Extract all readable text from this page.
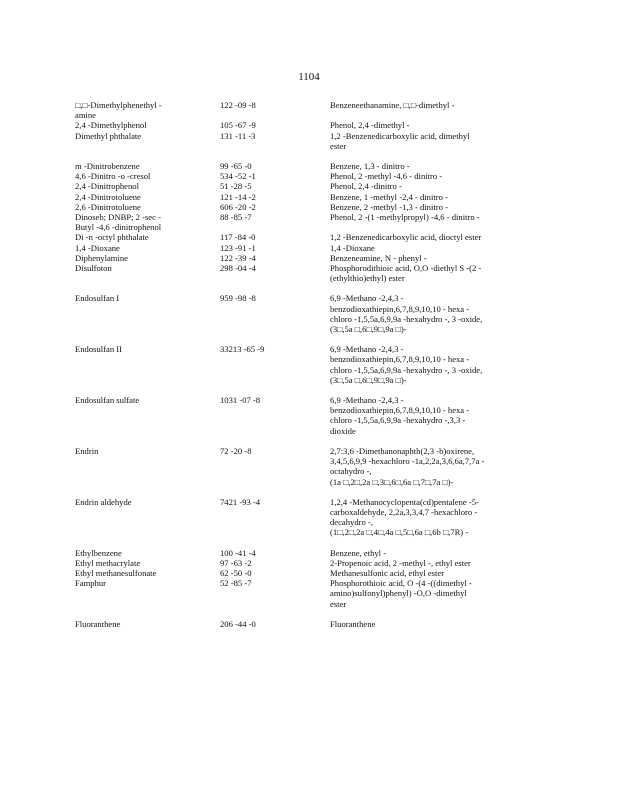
1104
□,□-Dimethylphenethyl -
amine	122 -09 -8	Benzeneethanamine, □,□-dimethyl -
2,4 -Dimethylphenol	105 -67 -9	Phenol, 2,4 -dimethyl -
Dimethyl phthalate	131 -11 -3	1,2 -Benzenedicarboxylic acid, dimethyl
ester
m -Dinitrobenzene	99 -65 -0	Benzene, 1,3 - dinitro -
4,6 -Dinitro -o -cresol	534 -52 -1	Phenol, 2 -methyl -4,6 - dinitro -
2,4 -Dinitrophenol	51 -28 -5	Phenol, 2,4 -dinitro -
2,4 -Dinitrotoluene	121 -14 -2	Benzene, 1 -methyl -2,4 - dinitro -
2,6 -Dinitrotoluene	606 -20 -2	Benzene, 2 -methyl -1,3 - dinitro -
Dinoseb; DNBP; 2 -sec -
Butyl -4,6 -dinitrophenol	88 -85 -7	Phenol, 2 -(1 -methylpropyl) -4,6 - dinitro -
Di -n -octyl phthalate	117 -84 -0	1,2 -Benzenedicarboxylic acid, dioctyl ester
1,4 -Dioxane	123 -91 -1	1,4 -Dioxane
Diphenylamine	122 -39 -4	Benzeneamine, N - phenyl -
Disulfoton	298 -04 -4	Phosphorodithioic acid, O,O -diethyl S -(2 -
(ethylthio)ethyl) ester
Endosulfan I	959 -98 -8	6,9 -Methano -2,4,3 -
benzodioxathiepin,6,7,8,9,10,10 - hexa -
chloro -1,5,5a,6,9,9a -hexahydro -, 3 -oxide,
(3□,5a □,6□,9□,9a □)-
Endosulfan II	33213 -65 -9	6,9 -Methano -2,4,3 -
benzodioxathiepin,6,7,8,9,10,10 - hexa -
chloro -1,5,5a,6,9,9a -hexahydro -, 3 -oxide,
(3□,5a □,6□,9□,9a □)-
Endosulfan sulfate	1031 -07 -8	6,9 -Methano -2,4,3 -
benzodioxathiepin,6,7,8,9,10,10 - hexa -
chloro -1,5,5a,6,9,9a -hexahydro -,3,3 -
dioxide
Endrin	72 -20 -8	2,7:3,6 -Dimethanonaphth(2,3 -b)oxirene,
3,4,5,6,9,9 -hexachloro -1a,2,2a,3,6,6a,7,7a -
octahydro -,
(1a □,2□,2a □,3□,6□,6a □,7□,7a □)-
Endrin aldehyde	7421 -93 -4	1,2,4 -Methanocyclopenta(cd)pentalene -5-
carboxaldehyde, 2,2a,3,3,4,7 -hexachloro -
decahydro -,
(1□,2□,2a □,4□,4a □,5□,6a □,6b □,7R) -
Ethylbenzene	100 -41 -4	Benzene, ethyl -
Ethyl methacrylate	97 -63 -2	2-Propenoic acid, 2 -methyl -, ethyl ester
Ethyl methanesulfonate	62 -50 -0	Methanesulfonic acid, ethyl ester
Famphur	52 -85 -7	Phosphorothioic acid, O -(4 -((dimethyl -
amino)sulfonyl)phenyl) -O,O -dimethyl
ester
Fluoranthene	206 -44 -0	Fluoranthene
